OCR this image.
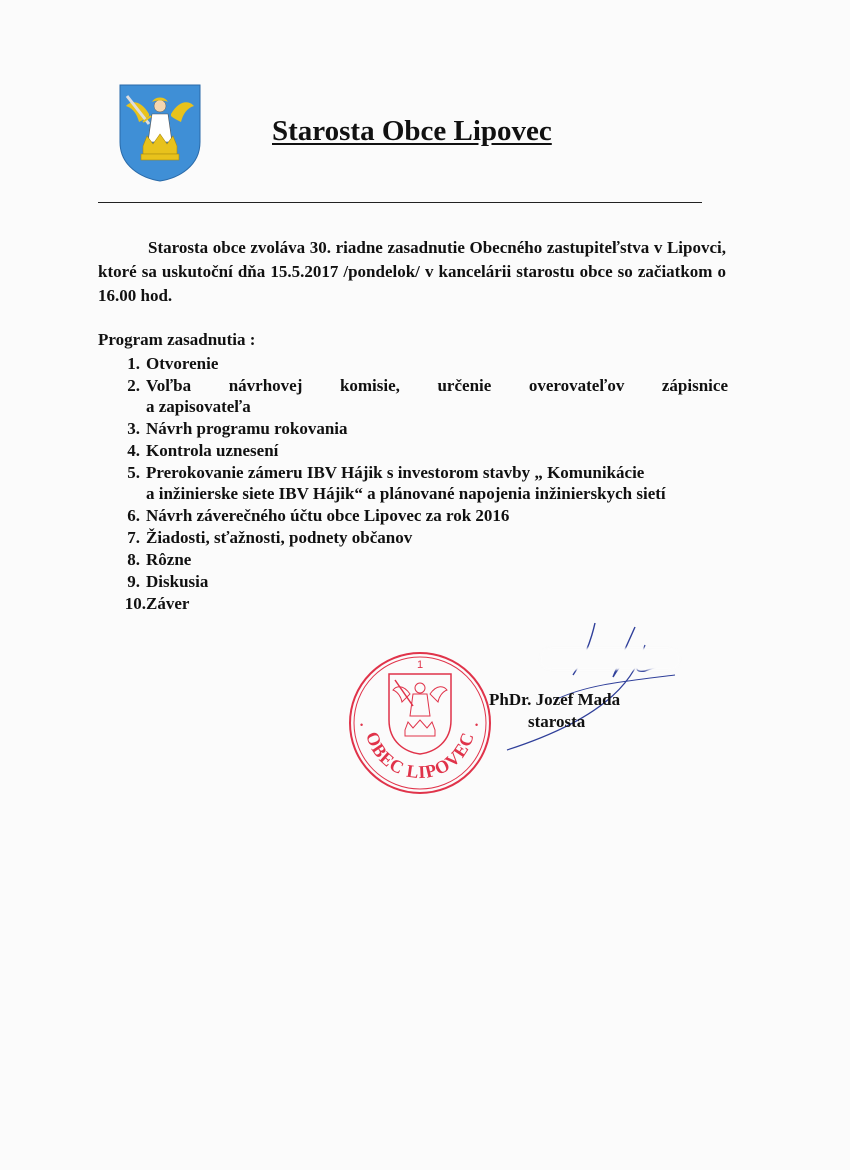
Starosta Obce Lipovec

Starosta obce zvoláva 30. riadne zasadnutie Obecného zastupiteľstva v Lipovci, ktoré sa uskutoční dňa 15.5.2017 /pondelok/ v kancelárii starostu obce so začiatkom o 16.00 hod.

Program zasadnutia :
1. Otvorenie
2. Voľba návrhovej komisie, určenie overovateľov zápisnice
a zapisovateľa
3. Návrh programu rokovania
4. Kontrola uznesení
5. Prerokovanie zámeru IBV Hájik s investorom stavby „ Komunikácie
a inžinierske siete IBV Hájik“ a plánované napojenia inžinierskych sietí
6. Návrh záverečného účtu obce Lipovec za rok 2016
7. Žiadosti, sťažnosti, podnety občanov
8. Rôzne
9. Diskusia
10. Záver
1
•	•
OBEC LIPOVEC
PhDr. Jozef Mada
starosta
